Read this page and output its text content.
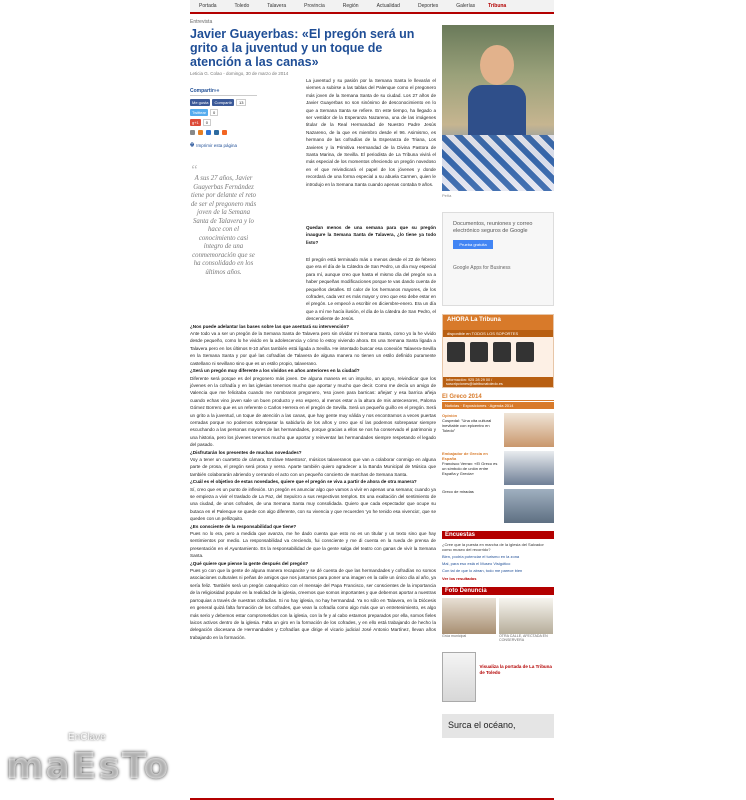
Portada	Toledo	Talavera	Provincia	Región	Actualidad	Deportes	Galerías	Tribuna
Entrevista
Javier Guayerbas: «El pregón será un grito a la juventud y un toque de atención a las canas»
Leticia G. Colao - domingo, 30 de marzo de 2014
Compartir»»
Me gusta	Compartir	13
Twittear	0
g+1	0
🖶 Imprimir esta página
“
A sus 27 años, Javier Guayerbas Fernández tiene por delante el reto de ser el pregonero más joven de la Semana Santa de Talavera y lo hace con el conocimiento casi íntegro de una conmemoración que se ha consolidado en los últimos años.
La juventud y su pasión por la Semana Santa le llevarán el viernes a subirse a las tablas del Palenque como el pregonero más joven de la Semana Santa de su ciudad. Los 27 años de Javier Guayerbas no son sinónimo de desconocimiento en lo que a Semana Santa se refiere. En este tiempo, ha llegado a ser vestidor de la Esperanza Nazarena, una de las imágenes titular de la Real Hermandad de Nuestro Padre Jesús Nazareno, de la que es miembro desde el 96. Asimismo, es hermano de las cofradías de la Esperanza de Triana, Los Javieres y la Primitiva Hermandad de la Divina Pastora de Santa Marina, de Sevilla. El periodista de La Tribuna vivirá el más especial de los momentos ofreciendo un pregón novedoso en el que reivindicará el papel de los jóvenes y donde recordará de una forma especial a su abuela Carmen, quien le introdujo en la Semana Santa cuando apenas contaba 9 años.
Quedan menos de una semana para que su pregón inaugure la Semana Santa de Talavera, ¿lo tiene ya todo listo?

El pregón está terminado más o menos desde el 22 de febrero que era el día de la Cátedra de San Pedro, un día muy especial para mí, aunque creo que hasta el mismo día del pregón va a haber pequeñas modificaciones porque te vas dando cuenta de pequeños detalles. El calor de los hermanos mayores, de los cofrades, cada vez es más mayor y creo que eso debe estar en el pregón. Le empecé a escribir en diciembre-enero. Era un día que a mí me hacía ilusión, el día de la cátedra de San Pedro, el descendiente de Jesús.

¿Nos puede adelantar las bases sobre las que asentará su intervención?

Ante todo va a ser un pregón de la Semana Santa de Talavera pero sin olvidar mi Semana Santa, como yo la he vivido desde pequeño, como lo he vivido en la adolescencia y cómo lo estoy viviendo ahora. Es una Semana Santa ligada a Talavera pero en los últimos 8-10 años también está ligada a Sevilla. He intentado buscar esa conexión Talavera-Sevilla en la Semana Santa y por qué las cofradías de Talavera de alguna manera no tienen un estilo definido puramente castellano ni sevillano sino que es un estilo propio, talaverano.

¿Será un pregón muy diferente a los vividos en años anteriores en la ciudad?

Diferente será porque es del pregonero más joven. De alguna manera es un impulso, un apoyo, reivindicar que los jóvenes en la cofradía y en las iglesias tenemos mucho que aportar y mucho que decir. Como me decía un amigo de Valencia que me felicitaba cuando me nombraron pregonero, 'eso joven para barricas: añejas' y esa barrica añeja cuando echas vino joven sale un buen producto y eso espero, al menos estar a la altura de mis antecesores, Paloma Gómez Borrero que es un referente o Carlos Herrera en el pregón de Sevilla. Será un pequeño guiño en el pregón. Será un grito a la juventud, un toque de atención a las canas, que hay gente muy válida y nos encontramos a veces puertas cerradas porque no podemos sobrepasar la sabiduría de los años y creo que sí las podemos sobrepasar siempre escuchando a las personas mayores de las hermandades, porque gracias a ellos se nos ha conservado el patrimonio y una historia, pero los jóvenes tenemos mucho que aportar y reinventar las hermandades siempre respetando el legado del pasado.

¿Disfrutarán los presentes de muchas novedades?

Voy a tener un cuartetto de cámara, Enclave Maestoso', músicos talaveranos que van a colaborar conmigo en alguna parte de prosa, el pregón será prosa y verso. Aparte también quiero agradecer a la Banda Municipal de Música que también colaborarán abriendo y cerrando el acto con un pequeño concierto de marchas de Semana Santa.

¿Cuál es el objetivo de estas novedades, quiere que el pregón se viva a partir de ahora de otra manera?

Sí, creo que es un punto de inflexión. Un pregón es anunciar algo que vamos a vivir en apenas una semana; cuando ya se empieza a vivir el traslado de La Paz, del Sepulcro a sus respectivos templos. Es una exaltación del sentimiento de una ciudad, de unos cofrades, de una Semana Santa muy consolidada. Quiero que cada espectador que ocupe su butaca en el Palenque se quede con algo diferente, con su vivencia y que recuerden 'yo he tenido esa vivencia', que se queden con un pellizquito.

¿Es consciente de la responsabilidad que tiene?

Pues no lo era, pero a medida que avanza, me he dado cuenta que esto no es un titular y un texto sino que hay sentimientos por medio. La responsabilidad va creciendo, fui consciente y me di cuenta en la rueda de prensa de presentación en el Ayuntamiento. Es la responsabilidad de que la gente salga del teatro con ganas de vivir la Semana Santa.

¿Qué quiere que piense la gente después del pregón?

Pues yo con que la gente de alguna manera recapacite y se dé cuenta de que las hermandades y cofradías no somos asociaciones culturales ni peñas de amigos que nos juntamos para poner una imagen en la calle un único día al año, ya sería feliz. También será un pregón catequético con el mensaje del Papa Francisco, ser conscientes de la importancia de la religiosidad popular en la realidad de la iglesia, creemos que somos importantes y que debemos aportar a nuestras parroquias a través de nuestras cofradías. Si no hay iglesia, no hay hermandad. Ya no sólo en Talavera, en la Diócesis en general quizá falta formación de los cofrades, que vean la cofradía como algo más que un entretenimiento, es algo más serio y debemos estar comprometidos con la iglesia, con la fe y al cabo estamos preparados por ella, somos fieles laicos activos dentro de la iglesia. Falta un giro en la formación de los cofrades, y en ello está trabajando de hecho la delegación diocesana de Hermandades y Cofradías que dirige el vicario judicial José Antonio Martínez, llevan años trabajando en la formación.

Peña
Documentos, reuniones y correo electrónico seguros de Google
Prueba gratuita
Google Apps for Business
AHORA La Tribuna
disponible en TODOS LOS SOPORTES
Información: 925 28 29 00 / suscripciones@latribunatoledo.es
El Greco 2014
Noticias · Exposiciones · Agenda 2014
Opinión
Cospedal: "Una cita cultural inevitable con epicentro en Toledo"
Embajador de Grecia en España
Francisco Verrax: «El Greco es un símbolo de unión entre España y Grecia»
Greco de miradas
Encuestas
¿Cree que la puesta en marcha de la iglesia del Salvador como museo del recorrido?
Bien, podría potenciar el turismo en la zona
Mal, para eso está el Museo Visigótico
Con tal de que lo abran, todo me parece bien
Ver los resultados
Foto Denuncia
Grúa municipal	OTRA CALLE, AFECTADA EN CONSERVERA
Visualiza la portada de La Tribuna de Toledo
Surca el océano,
EnClave
maEsTo
